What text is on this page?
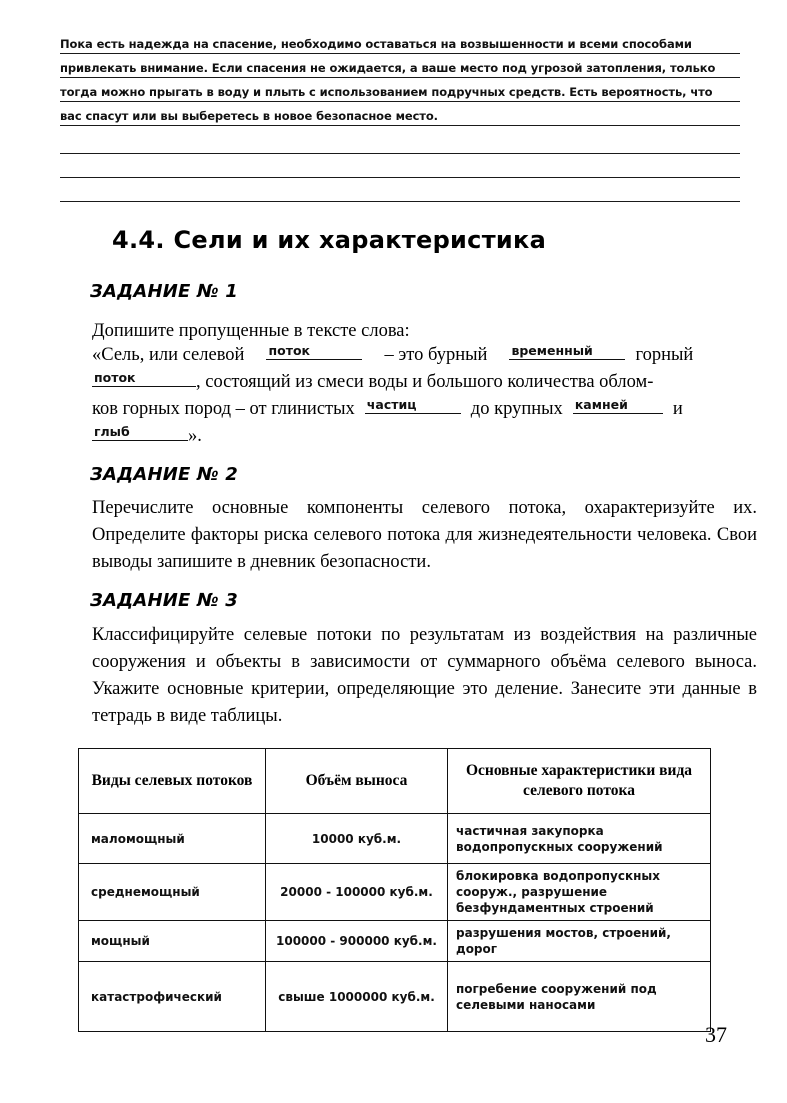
Пока есть надежда на спасение, необходимо оставаться на возвышенности и всеми способами
привлекать внимание. Если спасения не ожидается, а ваше место под угрозой затопления, только
тогда можно прыгать в воду и плыть с использованием подручных средств. Есть вероятность, что
вас спасут или вы выберетесь в новое безопасное место.
4.4. Сели и их характеристика
ЗАДАНИЕ № 1
Допишите пропущенные в тексте слова:
«Сель, или селевой поток	– это бурный временный горный
поток	, состоящий из смеси воды и большого количества облом-
ков горных пород – от глинистых частиц	до крупных камней и
глыб	».
ЗАДАНИЕ № 2
Перечислите основные компоненты селевого потока, охарактеризуйте их. Определите факторы риска селевого потока для жизнедеятельности человека. Свои выводы запишите в дневник безопасности.
ЗАДАНИЕ № 3
Классифицируйте селевые потоки по результатам из воздействия на различные сооружения и объекты в зависимости от суммарного объёма селевого выноса. Укажите основные критерии, определяющие это деление. Занесите эти данные в тетрадь в виде таблицы.
Виды селевых потоков	Объём выноса	Основные характеристики вида селевого потока
маломощный	10000 куб.м.	частичная закупорка водопропускных сооружений
среднемощный	20000 - 100000 куб.м.	блокировка водопропускных сооруж., разрушение безфундаментных строений
мощный	100000 - 900000 куб.м.	разрушения мостов, строений, дорог
катастрофический	свыше 1000000 куб.м.	погребение сооружений под селевыми наносами
37
